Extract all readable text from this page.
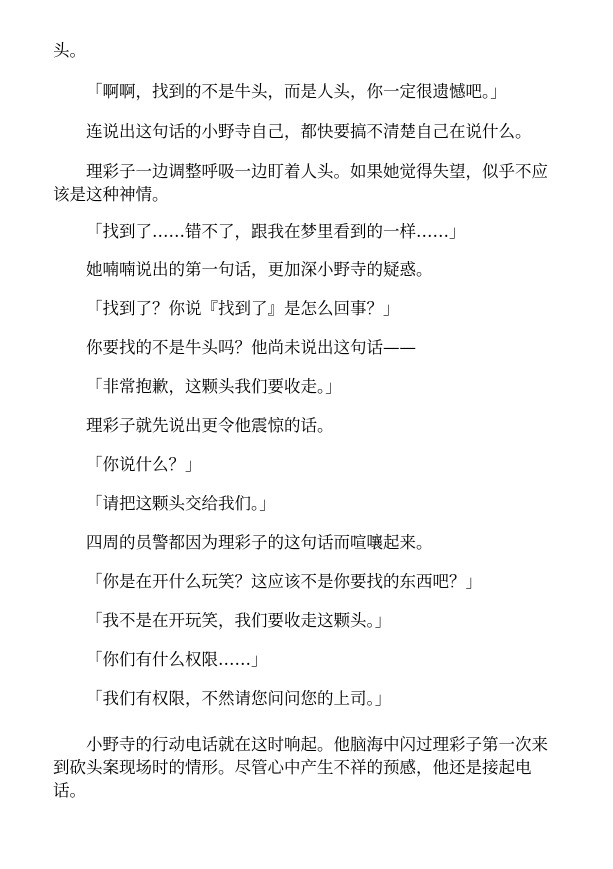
头。

「啊啊，找到的不是牛头，而是人头，你一定很遗憾吧。」

连说出这句话的小野寺自己，都快要搞不清楚自己在说什么。

理彩子一边调整呼吸一边盯着人头。如果她觉得失望，似乎不应该是这种神情。

「找到了……错不了，跟我在梦里看到的一样……」

她喃喃说出的第一句话，更加深小野寺的疑惑。

「找到了？你说『找到了』是怎么回事？」

你要找的不是牛头吗？他尚未说出这句话——

「非常抱歉，这颗头我们要收走。」

理彩子就先说出更令他震惊的话。

「你说什么？」

「请把这颗头交给我们。」

四周的员警都因为理彩子的这句话而喧嚷起来。

「你是在开什么玩笑？这应该不是你要找的东西吧？」

「我不是在开玩笑，我们要收走这颗头。」

「你们有什么权限……」

「我们有权限，不然请您问问您的上司。」

小野寺的行动电话就在这时响起。他脑海中闪过理彩子第一次来到砍头案现场时的情形。尽管心中产生不祥的预感，他还是接起电话。
